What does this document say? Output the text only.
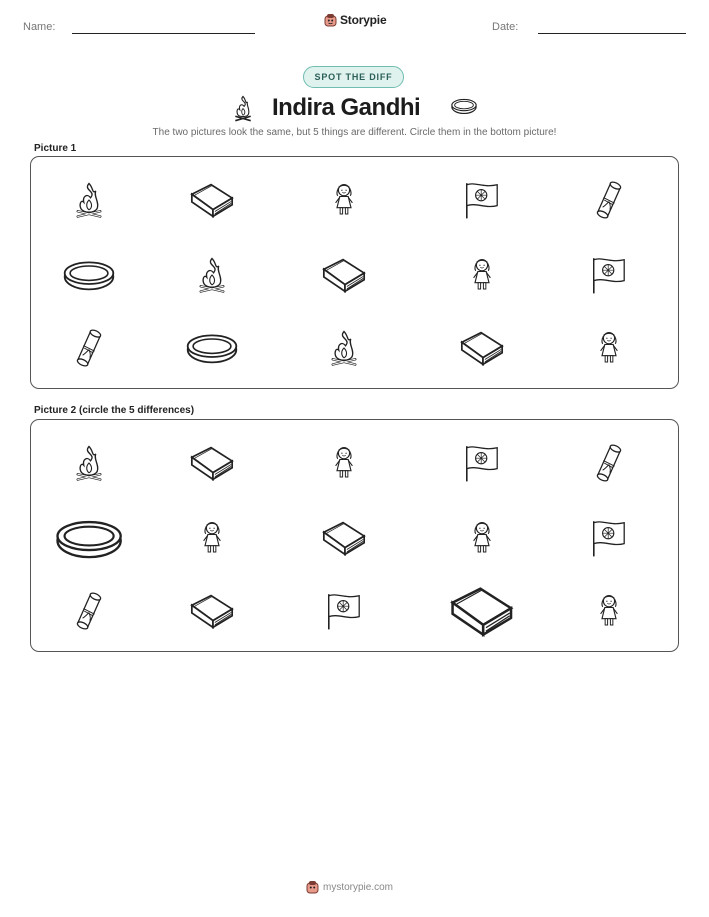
Name:	Storypie	Date:
SPOT THE DIFF
Indira Gandhi
The two pictures look the same, but 5 things are different. Circle them in the bottom picture!
Picture 1
Picture 2 (circle the 5 differences)
mystorypie.com
